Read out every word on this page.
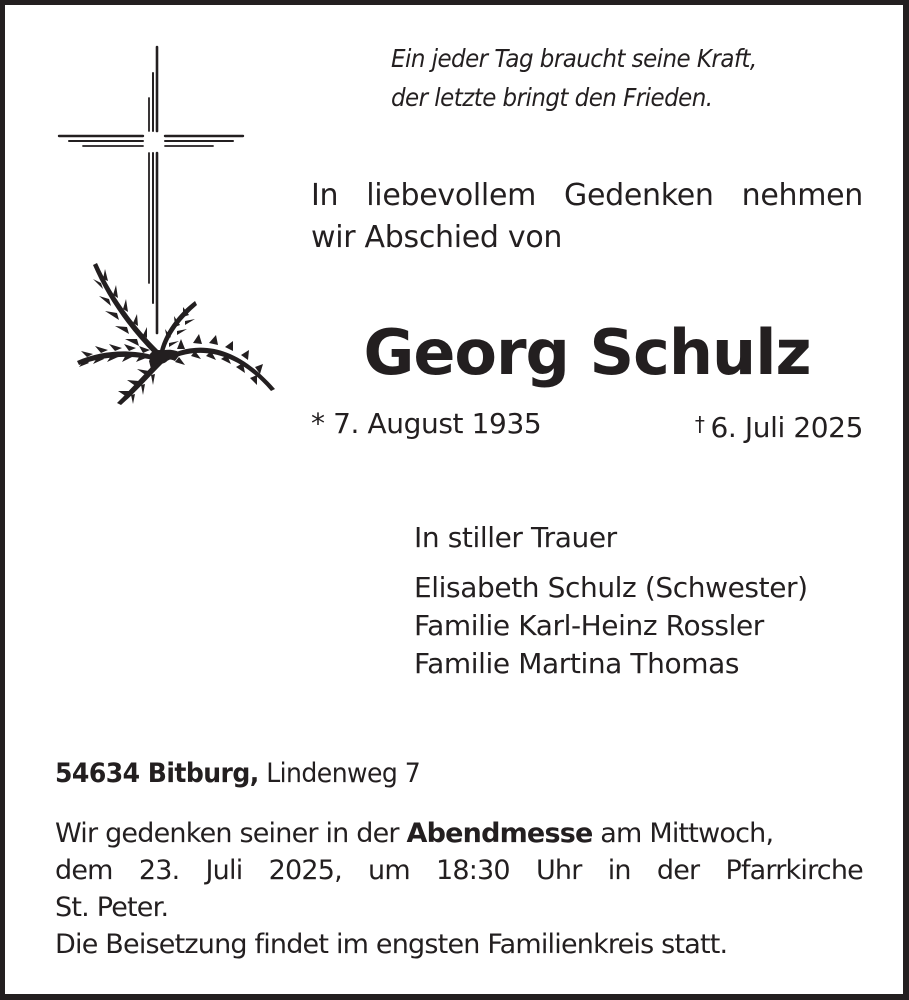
Ein jeder Tag braucht seine Kraft,
der letzte bringt den Frieden.
In liebevollem Gedenken nehmen
wir Abschied von
Georg Schulz
* 7. August 1935	† 6. Juli 2025
In stiller Trauer
Elisabeth Schulz (Schwester)
Familie Karl-Heinz Rossler
Familie Martina Thomas
54634 Bitburg, Lindenweg 7
Wir gedenken seiner in der Abendmesse am Mittwoch,
dem 23. Juli 2025, um 18:30 Uhr in der Pfarrkirche
St. Peter.
Die Beisetzung findet im engsten Familienkreis statt.
